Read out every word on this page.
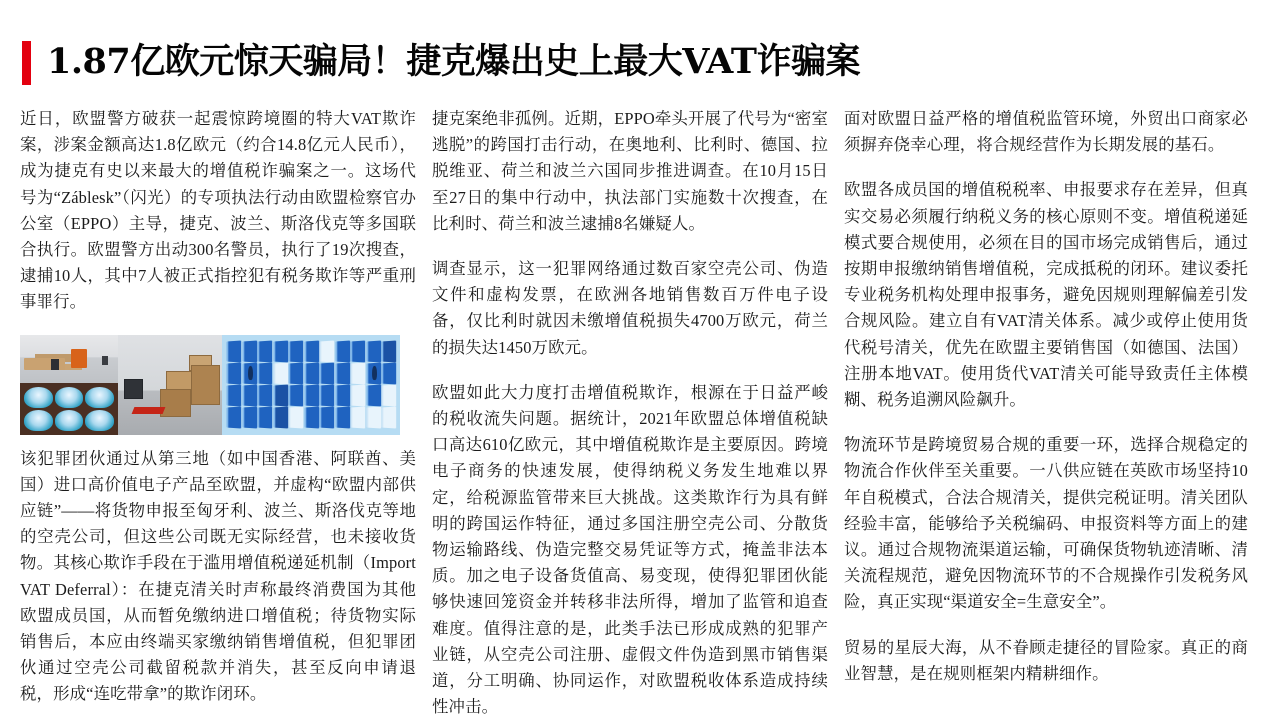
1.87亿欧元惊天骗局！捷克爆出史上最大VAT诈骗案

近日，欧盟警方破获一起震惊跨境圈的特大VAT欺诈案，涉案金额高达1.8亿欧元（约合14.8亿元人民币），成为捷克有史以来最大的增值税诈骗案之一。这场代号为“Záblesk”（闪光）的专项执法行动由欧盟检察官办公室（EPPO）主导，捷克、波兰、斯洛伐克等多国联合执行。欧盟警方出动300名警员，执行了19次搜查，逮捕10人，其中7人被正式指控犯有税务欺诈等严重刑事罪行。

该犯罪团伙通过从第三地（如中国香港、阿联酋、美国）进口高价值电子产品至欧盟，并虚构“欧盟内部供应链”——将货物申报至匈牙利、波兰、斯洛伐克等地的空壳公司，但这些公司既无实际经营，也未接收货物。其核心欺诈手段在于滥用增值税递延机制（Import VAT Deferral）：在捷克清关时声称最终消费国为其他欧盟成员国，从而暂免缴纳进口增值税；待货物实际销售后，本应由终端买家缴纳销售增值税，但犯罪团伙通过空壳公司截留税款并消失，甚至反向申请退税，形成“连吃带拿”的欺诈闭环。

捷克案绝非孤例。近期，EPPO牵头开展了代号为“密室逃脱”的跨国打击行动，在奥地利、比利时、德国、拉脱维亚、荷兰和波兰六国同步推进调查。在10月15日至27日的集中行动中，执法部门实施数十次搜查，在比利时、荷兰和波兰逮捕8名嫌疑人。

调查显示，这一犯罪网络通过数百家空壳公司、伪造文件和虚构发票，在欧洲各地销售数百万件电子设备，仅比利时就因未缴增值税损失4700万欧元，荷兰的损失达1450万欧元。

欧盟如此大力度打击增值税欺诈，根源在于日益严峻的税收流失问题。据统计，2021年欧盟总体增值税缺口高达610亿欧元，其中增值税欺诈是主要原因。跨境电子商务的快速发展，使得纳税义务发生地难以界定，给税源监管带来巨大挑战。这类欺诈行为具有鲜明的跨国运作特征，通过多国注册空壳公司、分散货物运输路线、伪造完整交易凭证等方式，掩盖非法本质。加之电子设备货值高、易变现，使得犯罪团伙能够快速回笼资金并转移非法所得，增加了监管和追查难度。值得注意的是，此类手法已形成成熟的犯罪产业链，从空壳公司注册、虚假文件伪造到黑市销售渠道，分工明确、协同运作，对欧盟税收体系造成持续性冲击。

面对欧盟日益严格的增值税监管环境，外贸出口商家必须摒弃侥幸心理，将合规经营作为长期发展的基石。

欧盟各成员国的增值税税率、申报要求存在差异，但真实交易必须履行纳税义务的核心原则不变。增值税递延模式要合规使用，必须在目的国市场完成销售后，通过按期申报缴纳销售增值税，完成抵税的闭环。建议委托专业税务机构处理申报事务，避免因规则理解偏差引发合规风险。建立自有VAT清关体系。减少或停止使用货代税号清关，优先在欧盟主要销售国（如德国、法国）注册本地VAT。使用货代VAT清关可能导致责任主体模糊、税务追溯风险飙升。

物流环节是跨境贸易合规的重要一环，选择合规稳定的物流合作伙伴至关重要。一八供应链在英欧市场坚持10年自税模式，合法合规清关，提供完税证明。清关团队经验丰富，能够给予关税编码、申报资料等方面上的建议。通过合规物流渠道运输，可确保货物轨迹清晰、清关流程规范，避免因物流环节的不合规操作引发税务风险，真正实现“渠道安全=生意安全”。

贸易的星辰大海，从不眷顾走捷径的冒险家。真正的商业智慧，是在规则框架内精耕细作。
